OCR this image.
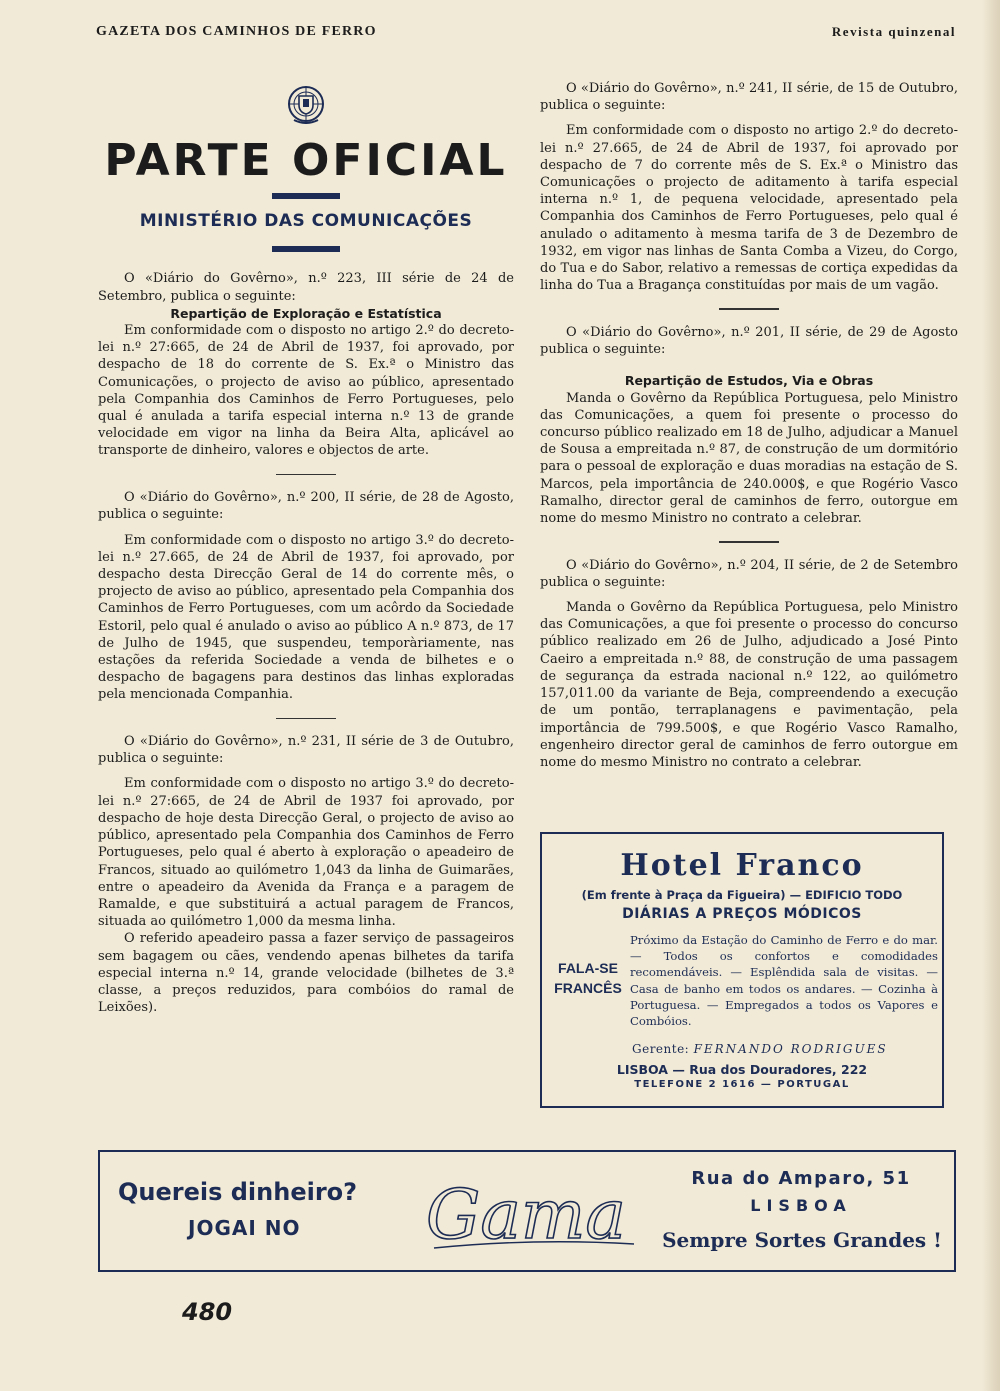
GAZETA DOS CAMINHOS DE FERRO	Revista quinzenal
PARTE OFICIAL
MINISTÉRIO DAS COMUNICAÇÕES

O «Diário do Govêrno», n.º 223, III série de 24 de Setembro, publica o seguinte:

Repartição de Exploração e Estatística

Em conformidade com o disposto no artigo 2.º do decreto-lei n.º 27:665, de 24 de Abril de 1937, foi aprovado, por despacho de 18 do corrente de S. Ex.ª o Ministro das Comunicações, o projecto de aviso ao público, apresentado pela Companhia dos Caminhos de Ferro Portugueses, pelo qual é anulada a tarifa especial interna n.º 13 de grande velocidade em vigor na linha da Beira Alta, aplicável ao transporte de dinheiro, valores e objectos de arte.

O «Diário do Govêrno», n.º 200, II série, de 28 de Agosto, publica o seguinte:

Em conformidade com o disposto no artigo 3.º do decreto-lei n.º 27.665, de 24 de Abril de 1937, foi aprovado, por despacho desta Direcção Geral de 14 do corrente mês, o projecto de aviso ao público, apresentado pela Companhia dos Caminhos de Ferro Portugueses, com um acôrdo da Sociedade Estoril, pelo qual é anulado o aviso ao público A n.º 873, de 17 de Julho de 1945, que suspendeu, temporàriamente, nas estações da referida Sociedade a venda de bilhetes e o despacho de bagagens para destinos das linhas exploradas pela mencionada Companhia.

O «Diário do Govêrno», n.º 231, II série de 3 de Outubro, publica o seguinte:

Em conformidade com o disposto no artigo 3.º do decreto-lei n.º 27:665, de 24 de Abril de 1937 foi aprovado, por despacho de hoje desta Direcção Geral, o projecto de aviso ao público, apresentado pela Companhia dos Caminhos de Ferro Portugueses, pelo qual é aberto à exploração o apeadeiro de Francos, situado ao quilómetro 1,043 da linha de Guimarães, entre o apeadeiro da Avenida da França e a paragem de Ramalde, e que substituirá a actual paragem de Francos, situada ao quilómetro 1,000 da mesma linha.

O referido apeadeiro passa a fazer serviço de passageiros sem bagagem ou cães, vendendo apenas bilhetes da tarifa especial interna n.º 14, grande velocidade (bilhetes de 3.ª classe, a preços reduzidos, para combóios do ramal de Leixões).

O «Diário do Govêrno», n.º 241, II série, de 15 de Outubro, publica o seguinte:

Em conformidade com o disposto no artigo 2.º do decreto-lei n.º 27.665, de 24 de Abril de 1937, foi aprovado por despacho de 7 do corrente mês de S. Ex.ª o Ministro das Comunicações o projecto de aditamento à tarifa especial interna n.º 1, de pequena velocidade, apresentado pela Companhia dos Caminhos de Ferro Portugueses, pelo qual é anulado o aditamento à mesma tarifa de 3 de Dezembro de 1932, em vigor nas linhas de Santa Comba a Vizeu, do Corgo, do Tua e do Sabor, relativo a remessas de cortiça expedidas da linha do Tua a Bragança constituídas por mais de um vagão.

O «Diário do Govêrno», n.º 201, II série, de 29 de Agosto publica o seguinte:

Repartição de Estudos, Via e Obras

Manda o Govêrno da República Portuguesa, pelo Ministro das Comunicações, a quem foi presente o processo do concurso público realizado em 18 de Julho, adjudicar a Manuel de Sousa a empreitada n.º 87, de construção de um dormitório para o pessoal de exploração e duas moradias na estação de S. Marcos, pela importância de 240.000$, e que Rogério Vasco Ramalho, director geral de caminhos de ferro, outorgue em nome do mesmo Ministro no contrato a celebrar.

O «Diário do Govêrno», n.º 204, II série, de 2 de Setembro publica o seguinte:

Manda o Govêrno da República Portuguesa, pelo Ministro das Comunicações, a que foi presente o processo do concurso público realizado em 26 de Julho, adjudicado a José Pinto Caeiro a empreitada n.º 88, de construção de uma passagem de segurança da estrada nacional n.º 122, ao quilómetro 157,011.00 da variante de Beja, compreendendo a execução de um pontão, terraplanagens e pavimentação, pela importância de 799.500$, e que Rogério Vasco Ramalho, engenheiro director geral de caminhos de ferro outorgue em nome do mesmo Ministro no contrato a celebrar.

Hotel Franco
(Em frente à Praça da Figueira) — EDIFICIO TODO
DIÁRIAS A PREÇOS MÓDICOS
FALA-SE
FRANCÊS
Próximo da Estação do Caminho de Ferro e do mar. — Todos os confortos e comodidades recomendáveis. — Esplêndida sala de visitas. — Casa de banho em todos os andares. — Cozinha à Portuguesa. — Empregados a todos os Vapores e Combóios.
Gerente: FERNANDO RODRIGUES
LISBOA — Rua dos Douradores, 222
TELEFONE 2 1616 — PORTUGAL
Quereis dinheiro?
JOGAI NO Gama	Rua do Amparo, 51
LISBOA
Sempre Sortes Grandes !
480
